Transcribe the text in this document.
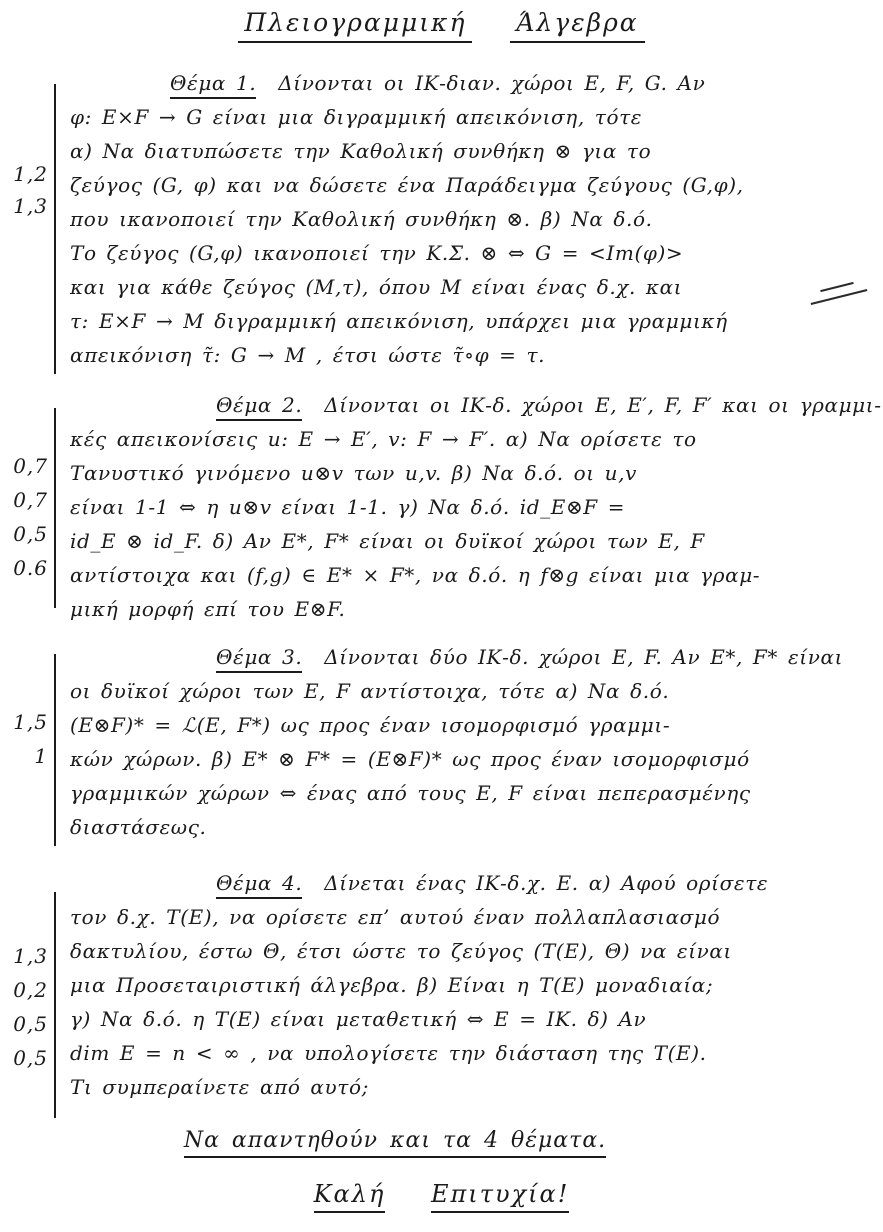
Πλειογραμμική Άλγεβρα
1,2
1,3
Θέμα 1. Δίνονται οι ΙΚ-διαν. χώροι E, F, G. Αν
φ: E×F → G είναι μια διγραμμική απεικόνιση, τότε
α) Να διατυπώσετε την Καθολική συνθήκη ⊗ για το
ζεύγος (G, φ) και να δώσετε ένα Παράδειγμα ζεύγους (G,φ),
που ικανοποιεί την Καθολική συνθήκη ⊗. β) Να δ.ό.
Το ζεύγος (G,φ) ικανοποιεί την Κ.Σ. ⊗ ⇔ G = <Im(φ)>
και για κάθε ζεύγος (Μ,τ), όπου Μ είναι ένας δ.χ. και
τ: E×F → Μ διγραμμική απεικόνιση, υπάρχει μια γραμμική
απεικόνιση τ̃: G → Μ , έτσι ώστε τ̃∘φ = τ.
0,7
0,7
0,5
0.6
Θέμα 2. Δίνονται οι ΙΚ-δ. χώροι E, E′, F, F′ και οι γραμμι-
κές απεικονίσεις u: E → E′, v: F → F′. α) Να ορίσετε το
Τανυστικό γινόμενο u⊗v των u,v. β) Να δ.ό. οι u,v
είναι 1-1 ⇔ η u⊗v είναι 1-1. γ) Να δ.ό. id_E⊗F =
id_E ⊗ id_F. δ) Αν E*, F* είναι οι δυϊκοί χώροι των E, F
αντίστοιχα και (f,g) ∈ E* × F*, να δ.ό. η f⊗g είναι μια γραμ-
μική μορφή επί του E⊗F.
1,5
1
Θέμα 3. Δίνονται δύο ΙΚ-δ. χώροι E, F. Αν E*, F* είναι
οι δυϊκοί χώροι των E, F αντίστοιχα, τότε α) Να δ.ό.
(E⊗F)* = ℒ(E, F*) ως προς έναν ισομορφισμό γραμμι-
κών χώρων. β) E* ⊗ F* = (E⊗F)* ως προς έναν ισομορφισμό
γραμμικών χώρων ⇔ ένας από τους E, F είναι πεπερασμένης
διαστάσεως.
1,3
0,2
0,5
0,5
Θέμα 4. Δίνεται ένας ΙΚ-δ.χ. E. α) Αφού ορίσετε
τον δ.χ. T(E), να ορίσετε επ’ αυτού έναν πολλαπλασιασμό
δακτυλίου, έστω Θ, έτσι ώστε το ζεύγος (T(E), Θ) να είναι
μια Προσεταιριστική άλγεβρα. β) Είναι η T(E) μοναδιαία;
γ) Να δ.ό. η T(E) είναι μεταθετική ⇔ E = ΙΚ. δ) Αν
dim E = n < ∞ , να υπολογίσετε την διάσταση της T(E).
Τι συμπεραίνετε από αυτό;
Να απαντηθούν και τα 4 θέματα.
Καλή Επιτυχία!
